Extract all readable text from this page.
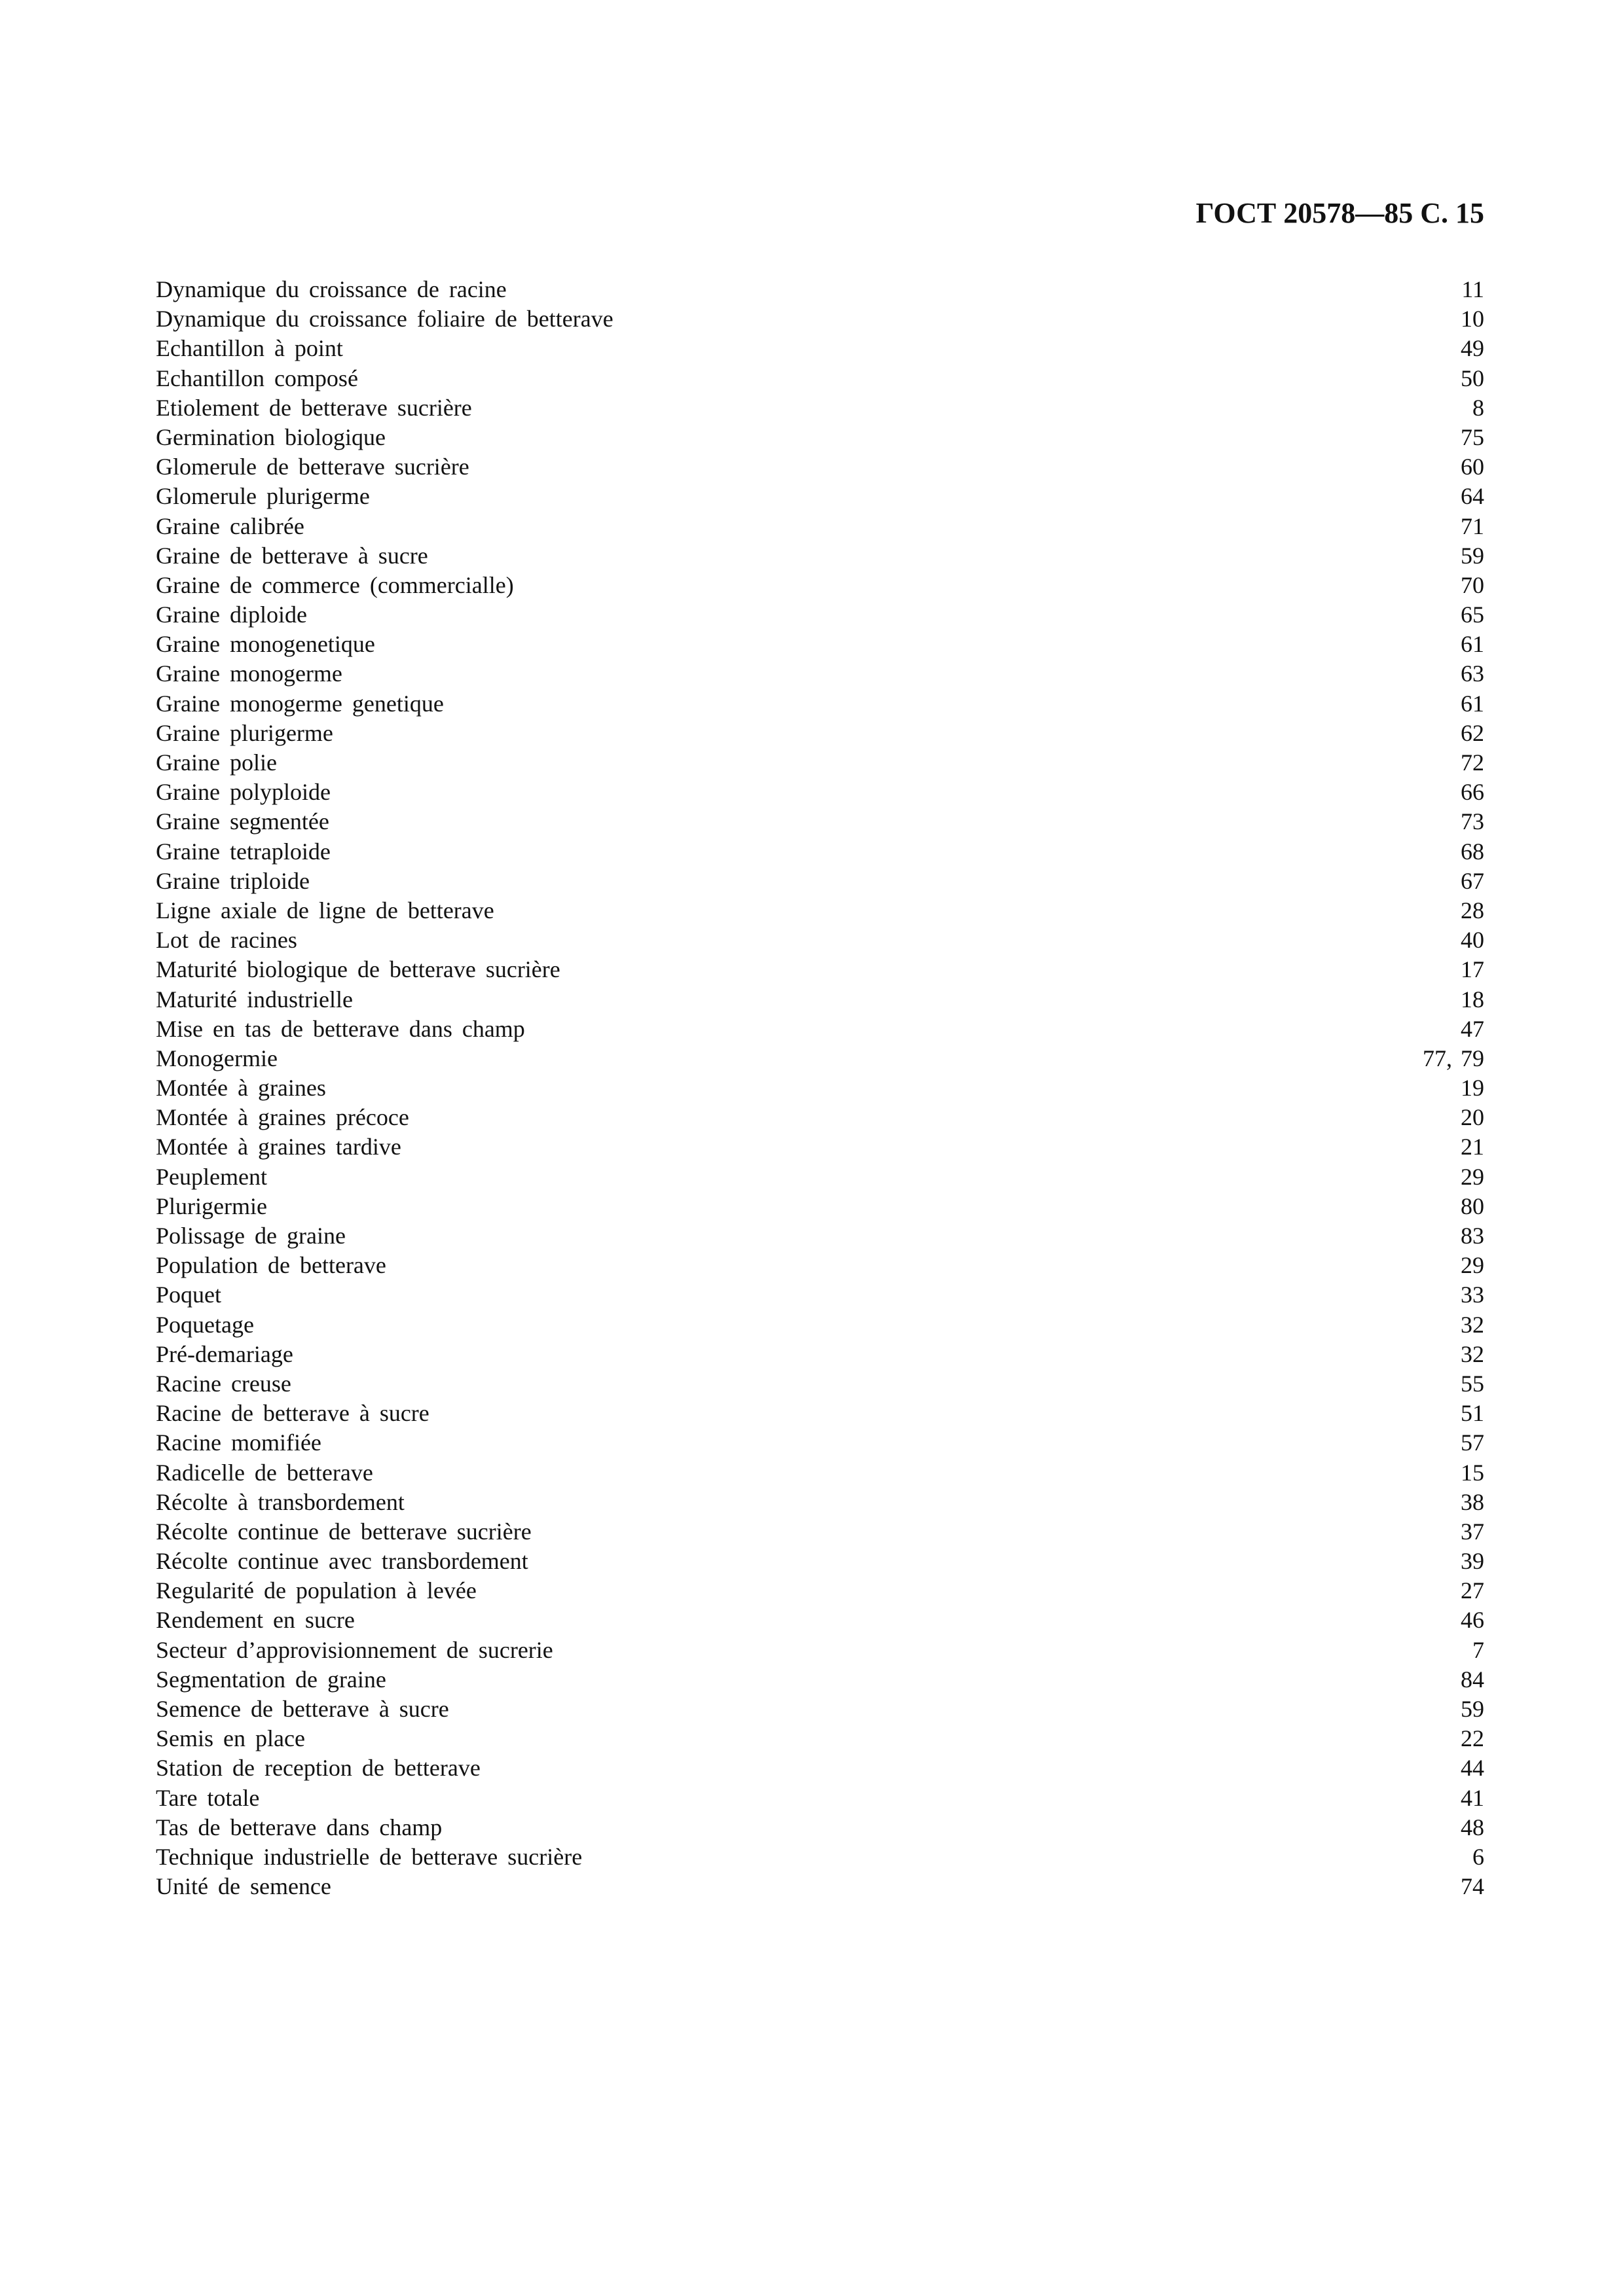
ГОСТ 20578—85 С. 15
Dynamique du croissance de racine	11
Dynamique du croissance foliaire de betterave	10
Echantillon à point	49
Echantillon composé	50
Etiolement de betterave sucrière	8
Germination biologique	75
Glomerule de betterave sucrière	60
Glomerule plurigerme	64
Graine calibrée	71
Graine de betterave à sucre	59
Graine de commerce (commercialle)	70
Graine diploide	65
Graine monogenetique	61
Graine monogerme	63
Graine monogerme genetique	61
Graine plurigerme	62
Graine polie	72
Graine polyploide	66
Graine segmentée	73
Graine tetraploide	68
Graine triploide	67
Ligne axiale de ligne de betterave	28
Lot de racines	40
Maturité biologique de betterave sucrière	17
Maturité industrielle	18
Mise en tas de betterave dans champ	47
Monogermie	77, 79
Montée à graines	19
Montée à graines précoce	20
Montée à graines tardive	21
Peuplement	29
Plurigermie	80
Polissage de graine	83
Population de betterave	29
Poquet	33
Poquetage	32
Pré-demariage	32
Racine creuse	55
Racine de betterave à sucre	51
Racine momifiée	57
Radicelle de betterave	15
Récolte à transbordement	38
Récolte continue de betterave sucrière	37
Récolte continue avec transbordement	39
Regularité de population à levée	27
Rendement en sucre	46
Secteur d’approvisionnement de sucrerie	7
Segmentation de graine	84
Semence de betterave à sucre	59
Semis en place	22
Station de reception de betterave	44
Tare totale	41
Tas de betterave dans champ	48
Technique industrielle de betterave sucrière	6
Unité de semence	74
